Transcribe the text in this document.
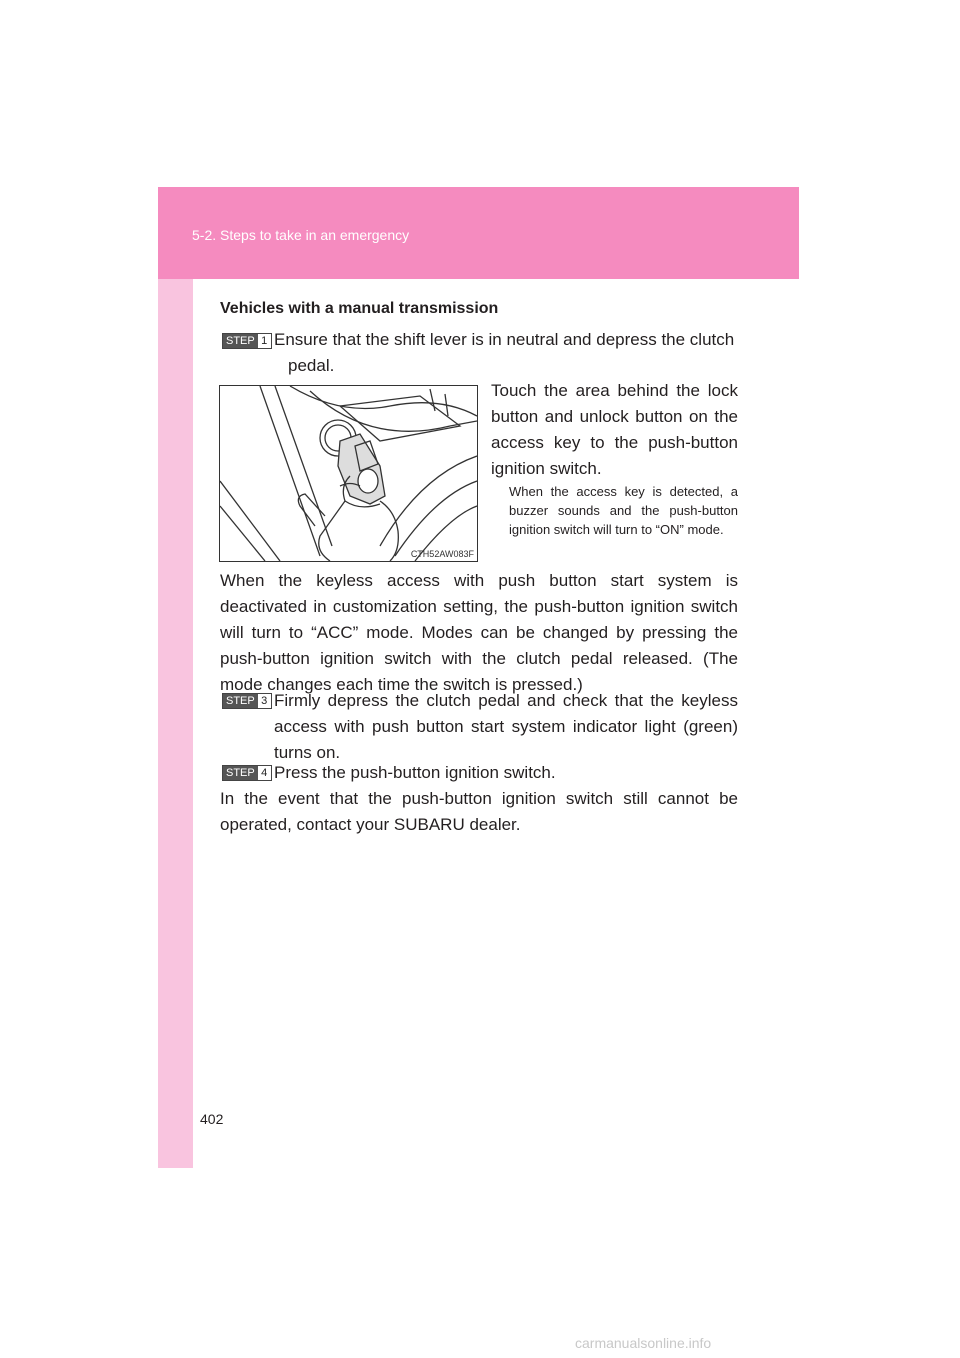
5-2. Steps to take in an emergency
Vehicles with a manual transmission
STEP 1 Ensure that the shift lever is in neutral and depress the clutch
pedal.
CTH52AW083F
Touch the area behind the lock button and unlock button on the access key to the push-button ignition switch.
When the access key is detected, a buzzer sounds and the push-button ignition switch will turn to “ON” mode.
When the keyless access with push button start system is deactivated in customization setting, the push-button ignition switch will turn to “ACC” mode. Modes can be changed by pressing the push-button ignition switch with the clutch pedal released. (The mode changes each time the switch is pressed.)
STEP 3 Firmly depress the clutch pedal and check that the keyless access with push button start system indicator light (green) turns on.
STEP 4 Press the push-button ignition switch.
In the event that the push-button ignition switch still cannot be operated, contact your SUBARU dealer.
402
carmanualsonline.info
